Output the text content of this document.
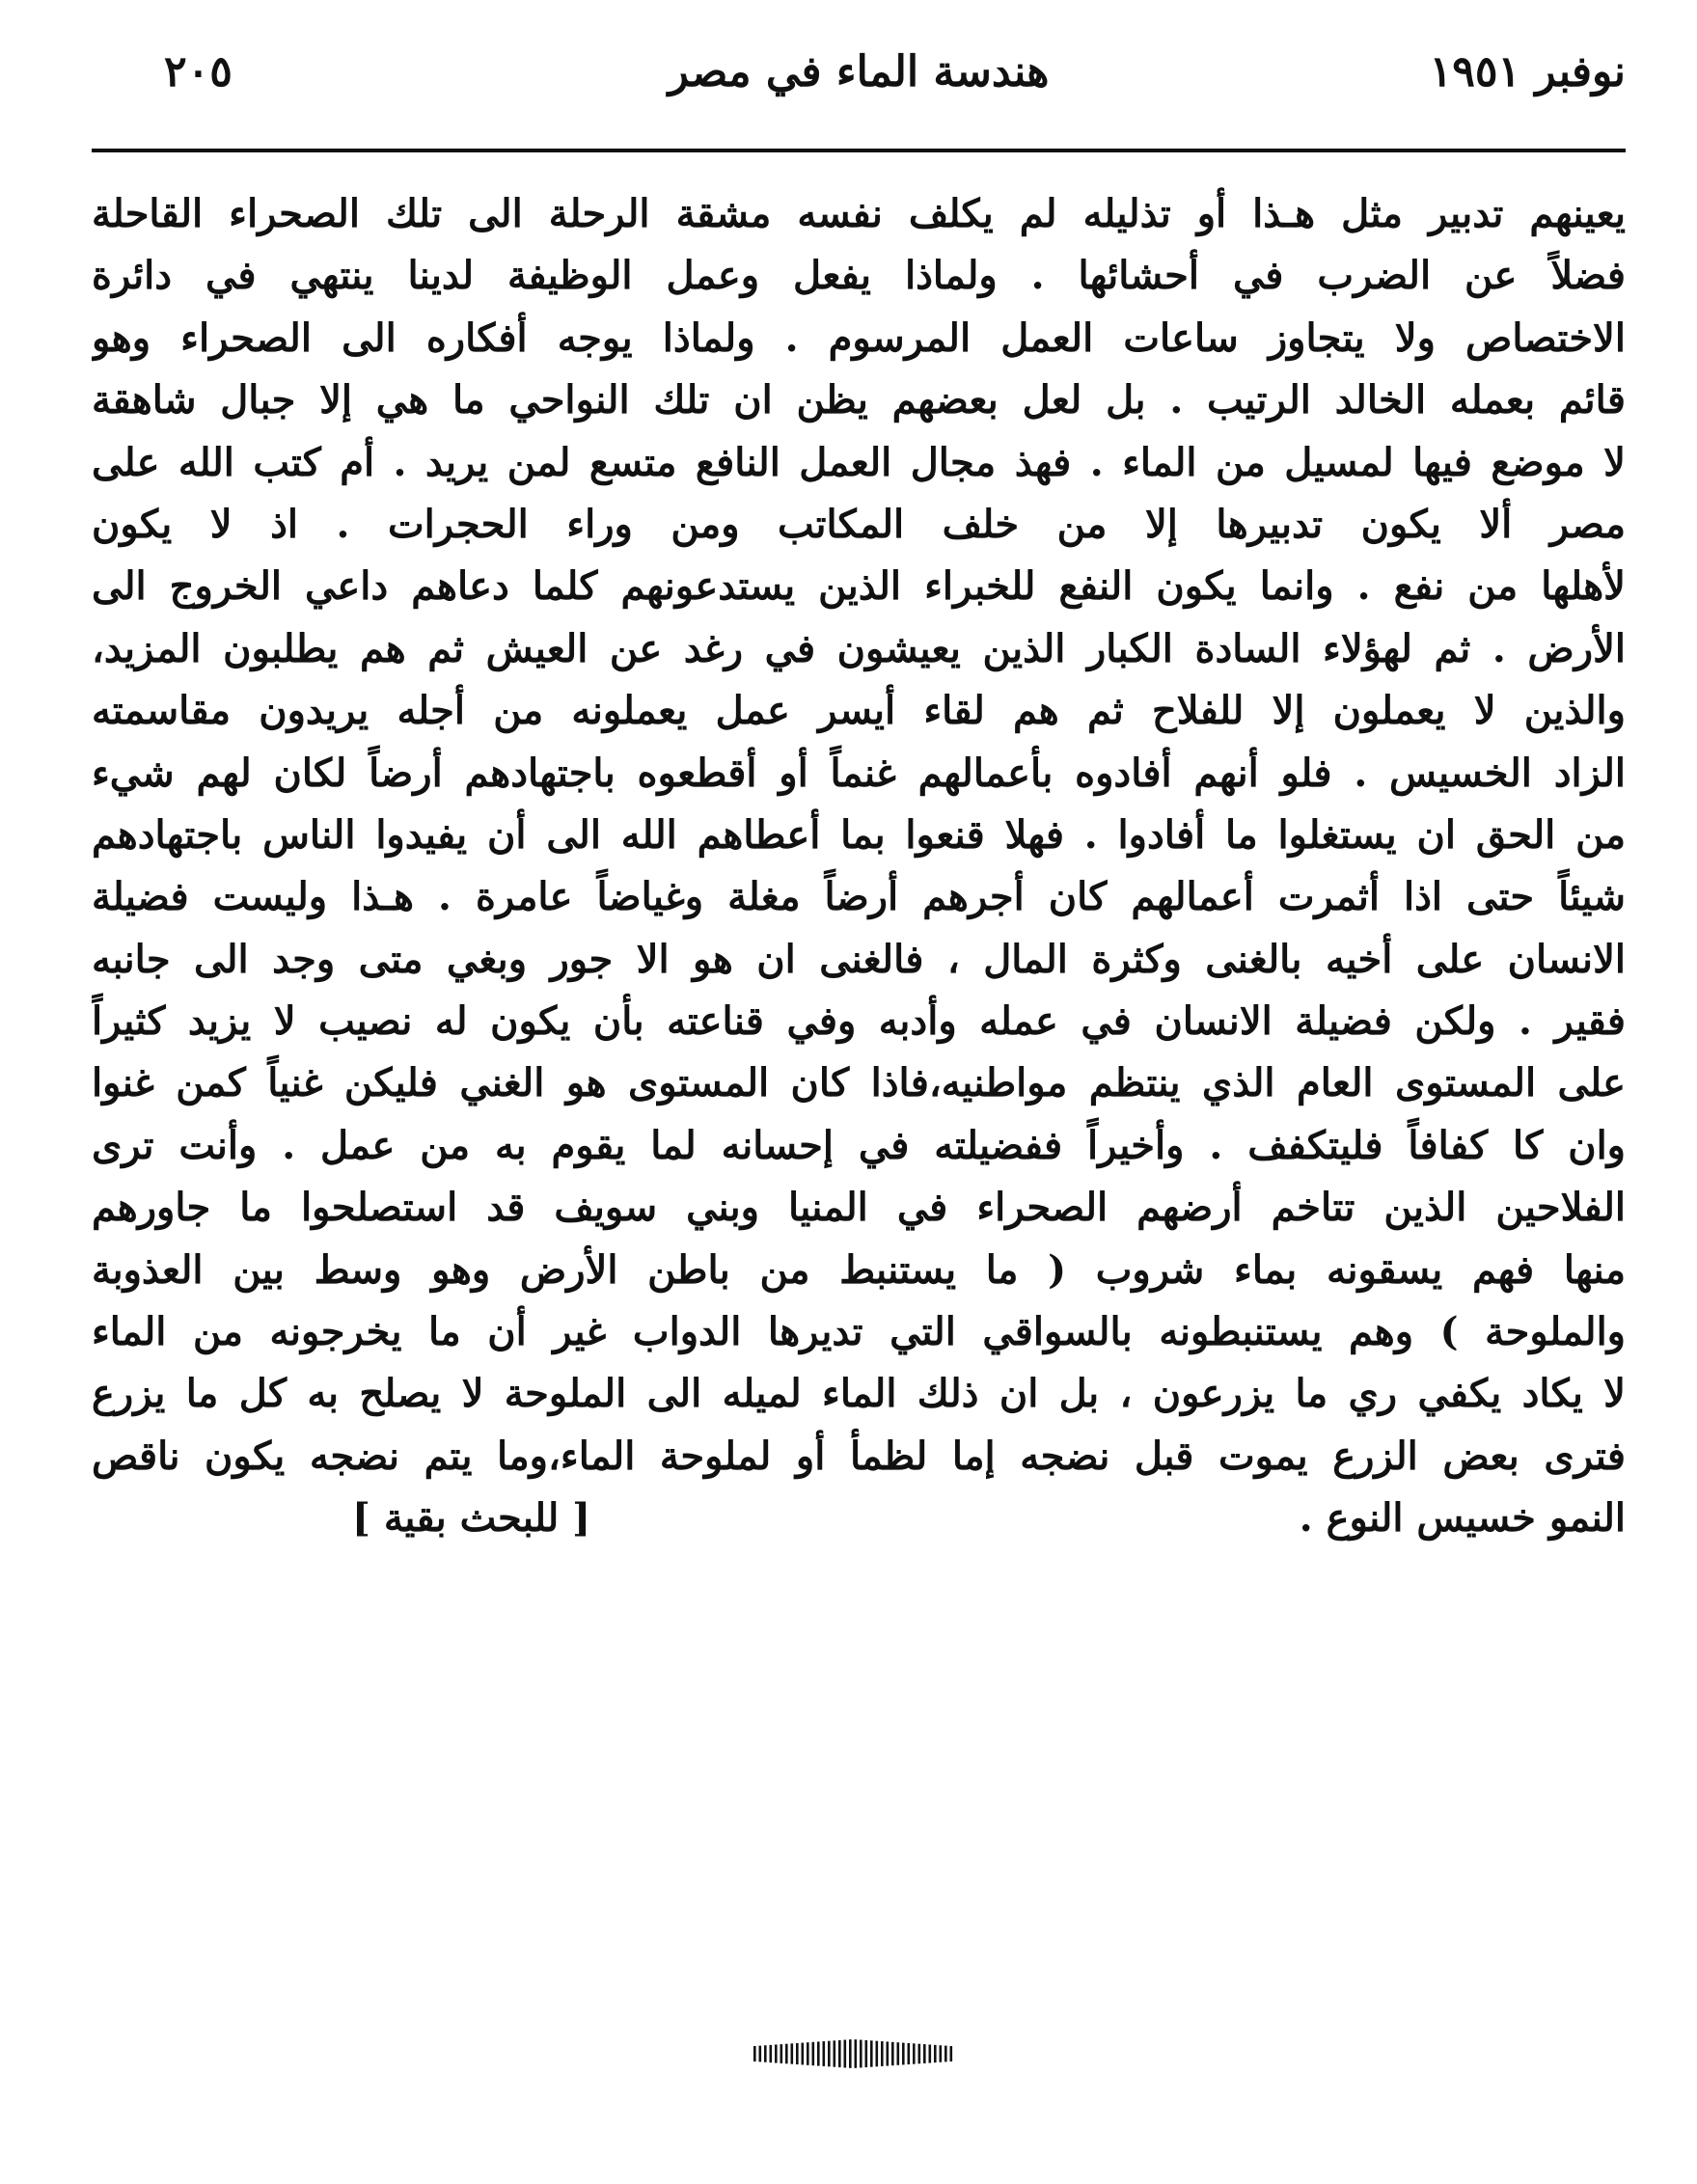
نوفبر ١٩٥١
هندسة الماء في مصر
٢٠٥
يعينهم تدبير مثل هـذا أو تذليله لم يكلف نفسه مشقة الرحلة الى تلك الصحراء القاحلة
فضلاً عن الضرب في أحشائها . ولماذا يفعل وعمل الوظيفة لدينا ينتهي في دائرة
الاختصاص ولا يتجاوز ساعات العمل المرسوم . ولماذا يوجه أفكاره الى الصحراء وهو
قائم بعمله الخالد الرتيب . بل لعل بعضهم يظن ان تلك النواحي ما هي إلا جبال شاهقة
لا موضع فيها لمسيل من الماء . فهذ مجال العمل النافع متسع لمن يريد . أم كتب الله على
مصر ألا يكون تدبيرها إلا من خلف المكاتب ومن وراء الحجرات . اذ لا يكون
لأهلها من نفع . وانما يكون النفع للخبراء الذين يستدعونهم كلما دعاهم داعي الخروج الى
الأرض . ثم لهؤلاء السادة الكبار الذين يعيشون في رغد عن العيش ثم هم يطلبون المزيد،
والذين لا يعملون إلا للفلاح ثم هم لقاء أيسر عمل يعملونه من أجله يريدون مقاسمته
الزاد الخسيس . فلو أنهم أفادوه بأعمالهم غنماً أو أقطعوه باجتهادهم أرضاً لكان لهم شيء
من الحق ان يستغلوا ما أفادوا . فهلا قنعوا بما أعطاهم الله الى أن يفيدوا الناس باجتهادهم
شيئاً حتى اذا أثمرت أعمالهم كان أجرهم أرضاً مغلة وغياضاً عامرة . هـذا وليست فضيلة
الانسان على أخيه بالغنى وكثرة المال ، فالغنى ان هو الا جور وبغي متى وجد الى جانبه
فقير . ولكن فضيلة الانسان في عمله وأدبه وفي قناعته بأن يكون له نصيب لا يزيد كثيراً
على المستوى العام الذي ينتظم مواطنيه،فاذا كان المستوى هو الغني فليكن غنياً كمن غنوا
وان كا كفافاً فليتكفف . وأخيراً ففضيلته في إحسانه لما يقوم به من عمل . وأنت ترى
الفلاحين الذين تتاخم أرضهم الصحراء في المنيا وبني سويف قد استصلحوا ما جاورهم
منها فهم يسقونه بماء شروب ( ما يستنبط من باطن الأرض وهو وسط بين العذوبة
والملوحة ) وهم يستنبطونه بالسواقي التي تديرها الدواب غير أن ما يخرجونه من الماء
لا يكاد يكفي ري ما يزرعون ، بل ان ذلك الماء لميله الى الملوحة لا يصلح به كل ما يزرع
فترى بعض الزرع يموت قبل نضجه إما لظمأ أو لملوحة الماء،وما يتم نضجه يكون ناقص
النمو خسيس النوع .
[ للبحث بقية ]
